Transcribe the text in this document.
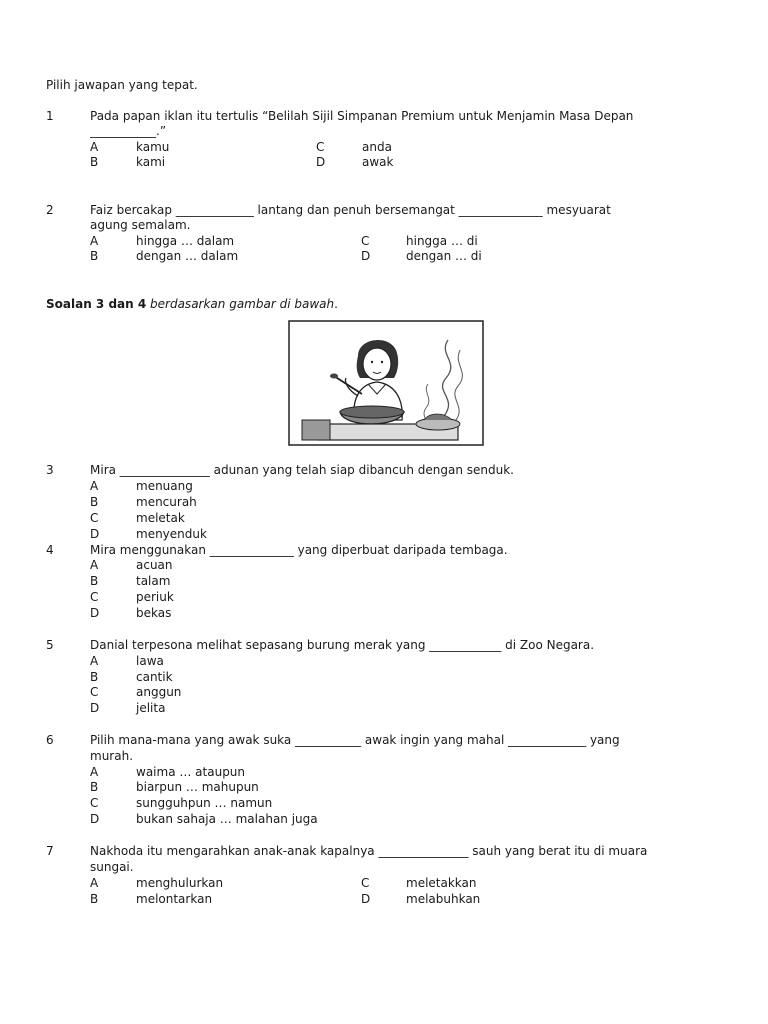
Pilih jawapan yang tepat.
1	Pada papan iklan itu tertulis “Belilah Sijil Simpanan Premium untuk Menjamin Masa Depan
___________.”
A	kamu
B	kami
C	anda
D	awak
2	Faiz bercakap _____________ lantang dan penuh bersemangat ______________ mesyuarat
agung semalam.
A	hingga … dalam
B	dengan … dalam
C	hingga … di
D	dengan … di
Soalan 3 dan 4 berdasarkan gambar di bawah.
3	Mira _______________ adunan yang telah siap dibancuh dengan senduk.
A	menuang
B	mencurah
C	meletak
D	menyenduk
4	Mira menggunakan ______________ yang diperbuat daripada tembaga.
A	acuan
B	talam
C	periuk
D	bekas
5	Danial terpesona melihat sepasang burung merak yang ____________ di Zoo Negara.
A	lawa
B	cantik
C	anggun
D	jelita
6	Pilih mana-mana yang awak suka ___________ awak ingin yang mahal _____________ yang
murah.
A	waima … ataupun
B	biarpun … mahupun
C	sungguhpun … namun
D	bukan sahaja … malahan juga
7	Nakhoda itu mengarahkan anak-anak kapalnya _______________ sauh yang berat itu di muara
sungai.
A	menghulurkan
B	melontarkan
C	meletakkan
D	melabuhkan
